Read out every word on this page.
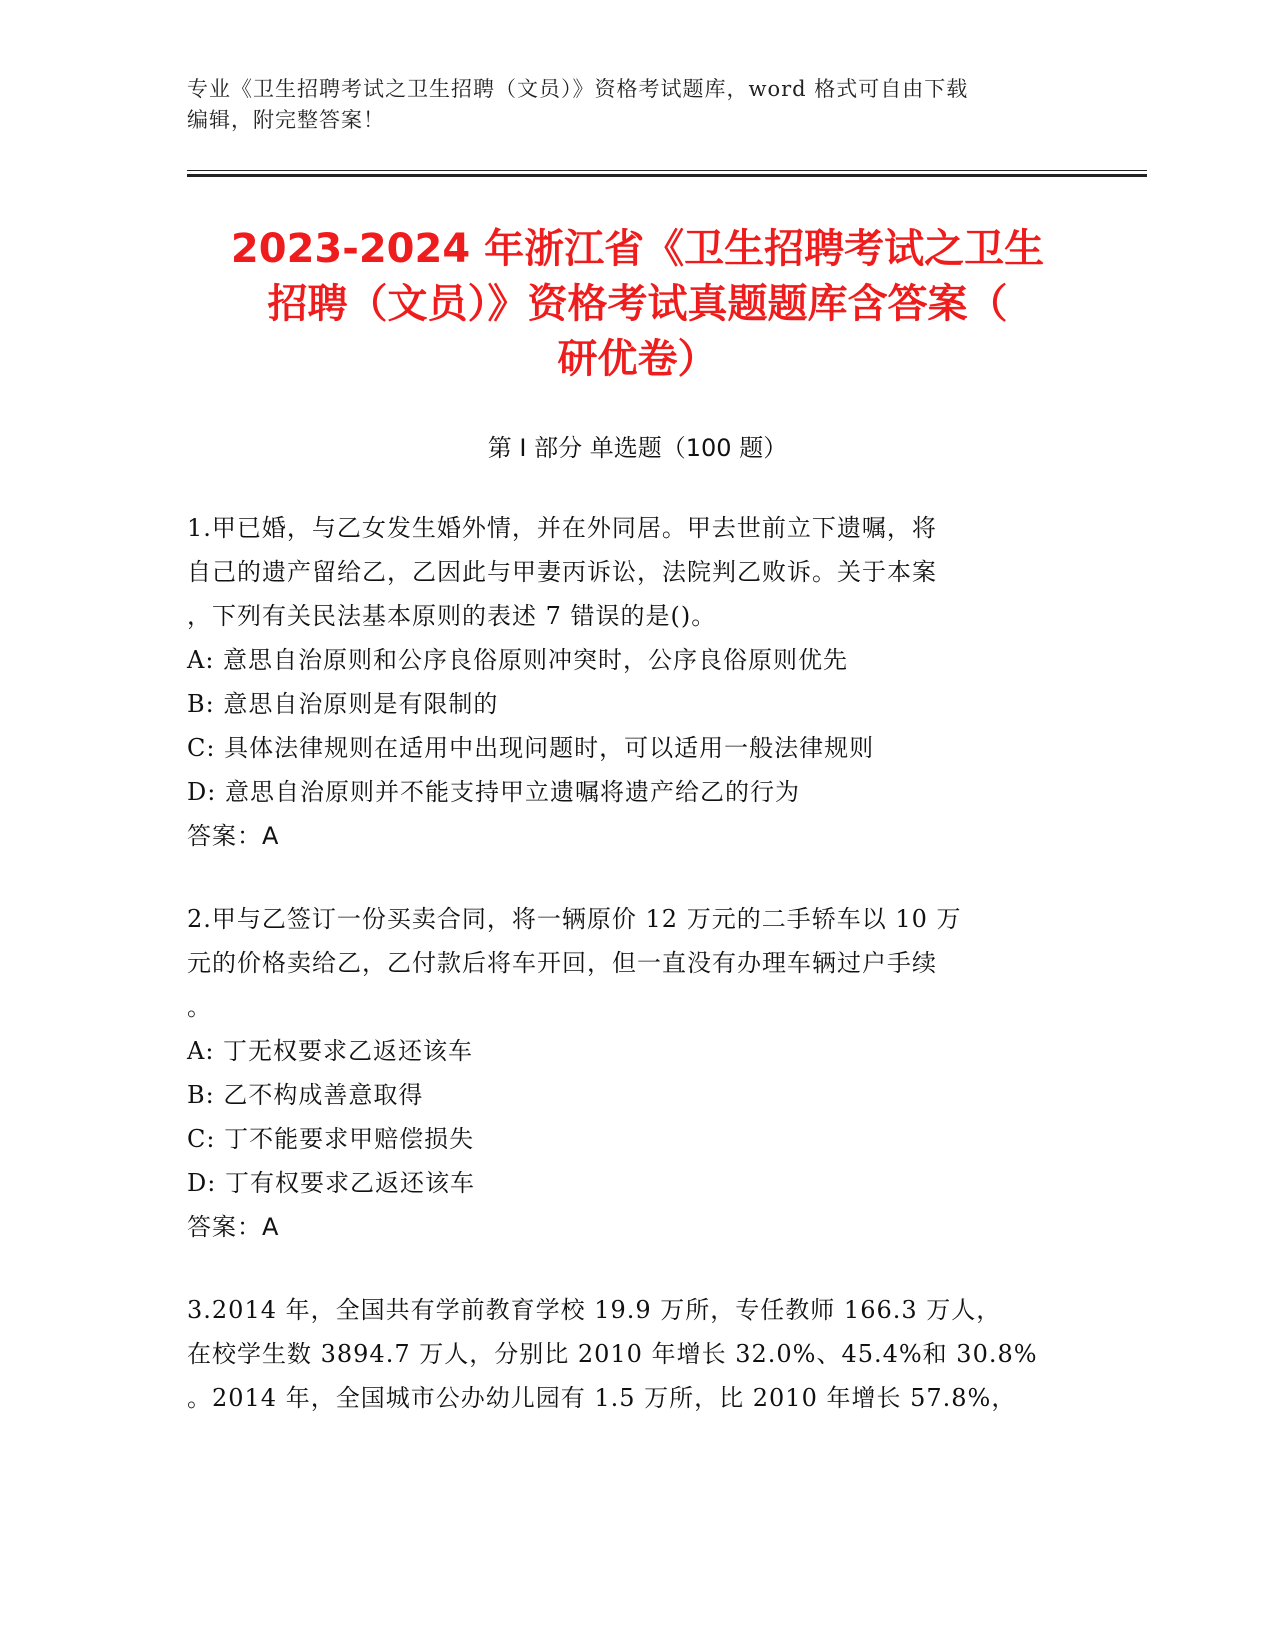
专业《卫生招聘考试之卫生招聘（文员）》资格考试题库，word 格式可自由下载
编辑，附完整答案！
2023-2024 年浙江省《卫生招聘考试之卫生
招聘（文员）》资格考试真题题库含答案（
研优卷）
第 I 部分 单选题（100 题）
1.甲已婚，与乙女发生婚外情，并在外同居。甲去世前立下遗嘱，将
自己的遗产留给乙，乙因此与甲妻丙诉讼，法院判乙败诉。关于本案
，下列有关民法基本原则的表述 7 错误的是()。
A: 意思自治原则和公序良俗原则冲突时，公序良俗原则优先
B: 意思自治原则是有限制的
C: 具体法律规则在适用中出现问题时，可以适用一般法律规则
D: 意思自治原则并不能支持甲立遗嘱将遗产给乙的行为
答案：A
2.甲与乙签订一份买卖合同，将一辆原价 12 万元的二手轿车以 10 万
元的价格卖给乙，乙付款后将车开回，但一直没有办理车辆过户手续
。
A: 丁无权要求乙返还该车
B: 乙不构成善意取得
C: 丁不能要求甲赔偿损失
D: 丁有权要求乙返还该车
答案：A
3.2014 年，全国共有学前教育学校 19.9 万所，专任教师 166.3 万人，
在校学生数 3894.7 万人，分别比 2010 年增长 32.0%、45.4%和 30.8%
。2014 年，全国城市公办幼儿园有 1.5 万所，比 2010 年增长 57.8%，
